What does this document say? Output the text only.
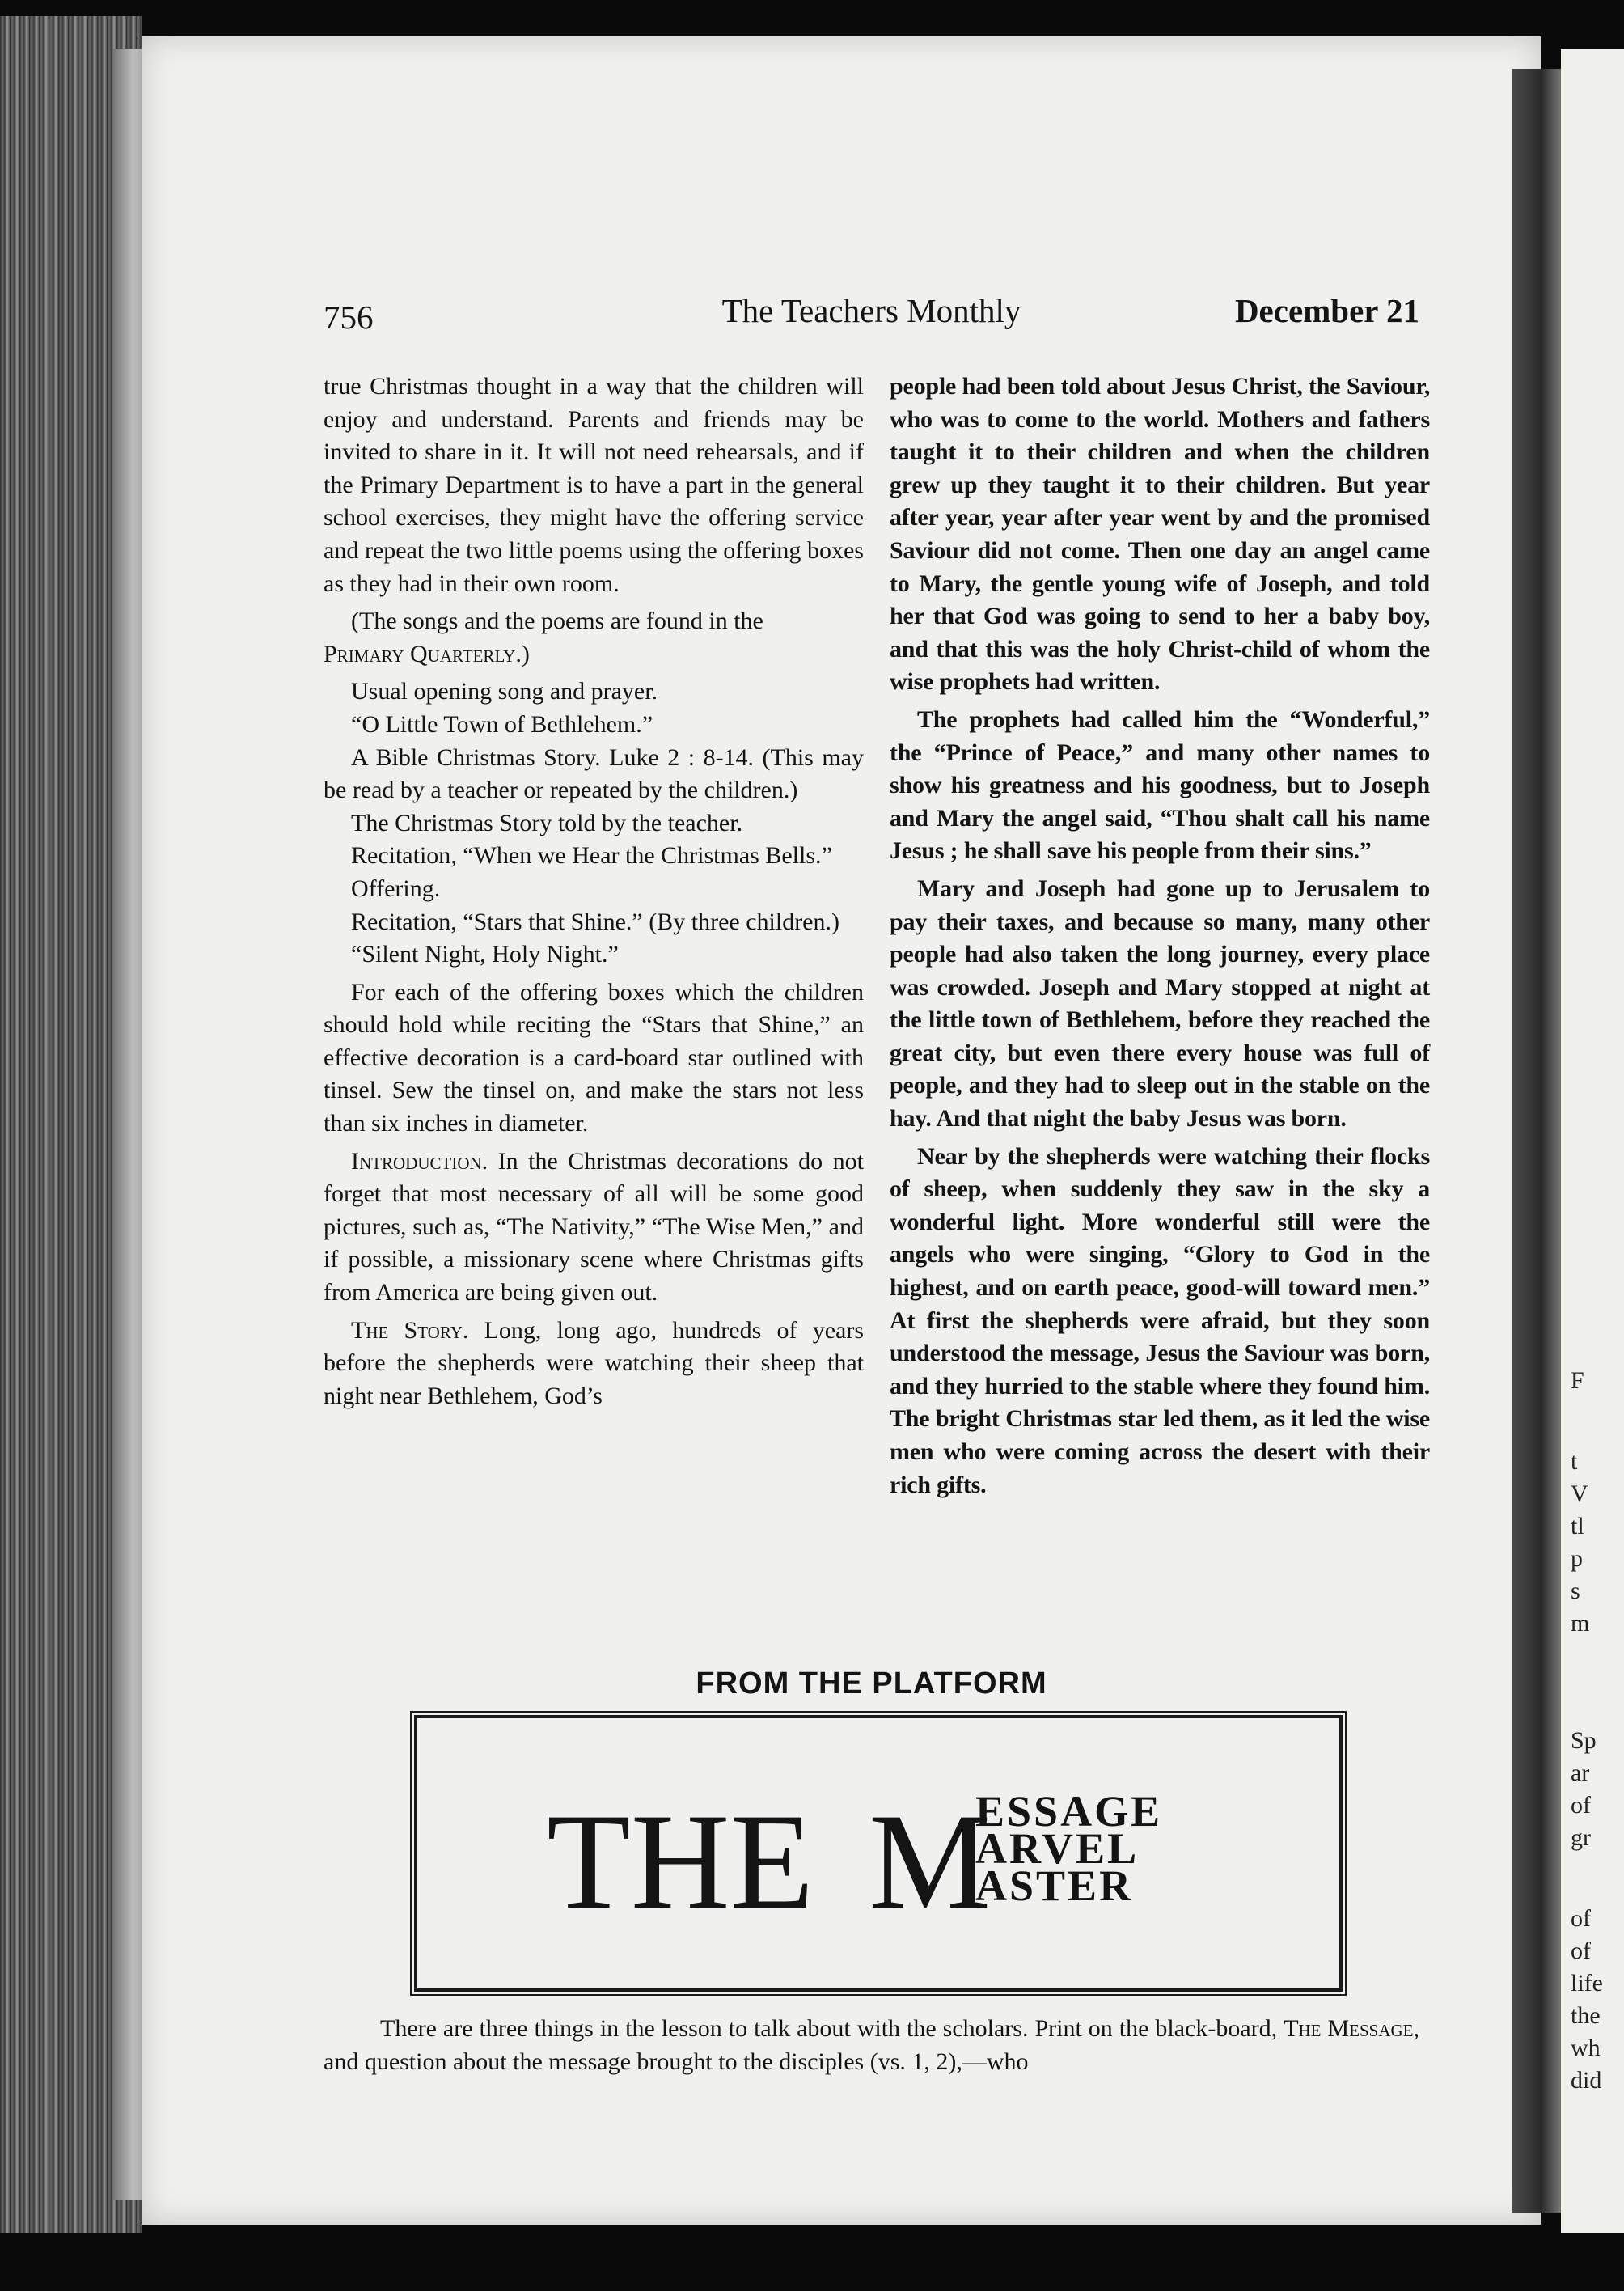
F
t
V
tl
p
s
m
Sp
ar
of
gr
of
of
life
the
wh
did
756	The Teachers Monthly	December 21

true Christmas thought in a way that the children will enjoy and understand. Parents and friends may be invited to share in it. It will not need rehearsals, and if the Primary Department is to have a part in the general school exercises, they might have the offering service and repeat the two little poems using the offering boxes as they had in their own room.

(The songs and the poems are found in the

Primary Quarterly.)

Usual opening song and prayer.

“O Little Town of Bethlehem.”

A Bible Christmas Story. Luke 2 : 8-14. (This may be read by a teacher or repeated by the children.)

The Christmas Story told by the teacher.

Recitation, “When we Hear the Christmas Bells.”

Offering.

Recitation, “Stars that Shine.” (By three children.)

“Silent Night, Holy Night.”

For each of the offering boxes which the children should hold while reciting the “Stars that Shine,” an effective decoration is a card-board star outlined with tinsel. Sew the tinsel on, and make the stars not less than six inches in diameter.

Introduction. In the Christmas decorations do not forget that most necessary of all will be some good pictures, such as, “The Nativity,” “The Wise Men,” and if possible, a missionary scene where Christmas gifts from America are being given out.

The Story. Long, long ago, hundreds of years before the shepherds were watching their sheep that night near Bethlehem, God’s

people had been told about Jesus Christ, the Saviour, who was to come to the world. Mothers and fathers taught it to their children and when the children grew up they taught it to their children. But year after year, year after year went by and the promised Saviour did not come. Then one day an angel came to Mary, the gentle young wife of Joseph, and told her that God was going to send to her a baby boy, and that this was the holy Christ-child of whom the wise prophets had written.

The prophets had called him the “Wonderful,” the “Prince of Peace,” and many other names to show his greatness and his goodness, but to Joseph and Mary the angel said, “Thou shalt call his name Jesus ; he shall save his people from their sins.”

Mary and Joseph had gone up to Jerusalem to pay their taxes, and because so many, many other people had also taken the long journey, every place was crowded. Joseph and Mary stopped at night at the little town of Bethlehem, before they reached the great city, but even there every house was full of people, and they had to sleep out in the stable on the hay. And that night the baby Jesus was born.

Near by the shepherds were watching their flocks of sheep, when suddenly they saw in the sky a wonderful light. More wonderful still were the angels who were singing, “Glory to God in the highest, and on earth peace, good-will toward men.” At first the shepherds were afraid, but they soon understood the message, Jesus the Saviour was born, and they hurried to the stable where they found him. The bright Christmas star led them, as it led the wise men who were coming across the desert with their rich gifts.

FROM THE PLATFORM
THE M
ESSAGE
ARVEL
ASTER

There are three things in the lesson to talk about with the scholars. Print on the black-board, The Message, and question about the message brought to the disciples (vs. 1, 2),—who
